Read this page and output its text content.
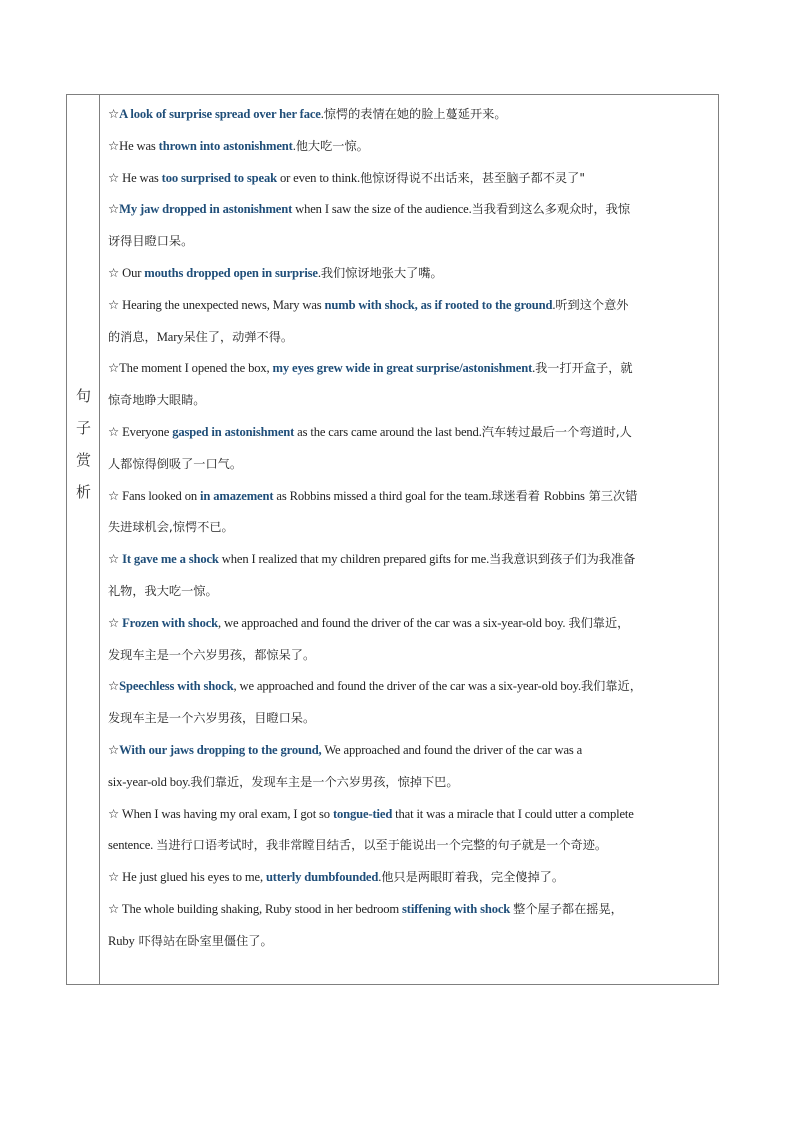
句
子
赏
析
☆A look of surprise spread over her face.惊愕的表情在她的脸上蔓延开来。
☆He was thrown into astonishment.他大吃一惊。
☆ He was too surprised to speak or even to think.他惊讶得说不出话来，甚至脑子都不灵了"
☆My jaw dropped in astonishment when I saw the size of the audience.当我看到这么多观众时，我惊
讶得目瞪口呆。
☆ Our mouths dropped open in surprise.我们惊讶地张大了嘴。
☆ Hearing the unexpected news, Mary was numb with shock, as if rooted to the ground.听到这个意外
的消息，Mary呆住了，动弹不得。
☆The moment I opened the box, my eyes grew wide in great surprise/astonishment.我一打开盒子，就
惊奇地睁大眼睛。
☆ Everyone gasped in astonishment as the cars came around the last bend.汽车转过最后一个弯道时,人
人都惊得倒吸了一口气。
☆ Fans looked on in amazement as Robbins missed a third goal for the team.球迷看着 Robbins 第三次错
失进球机会,惊愕不已。
☆ It gave me a shock when I realized that my children prepared gifts for me.当我意识到孩子们为我准备
礼物，我大吃一惊。
☆ Frozen with shock, we approached and found the driver of the car was a six-year-old boy. 我们靠近，
发现车主是一个六岁男孩，都惊呆了。
☆Speechless with shock, we approached and found the driver of the car was a six-year-old boy.我们靠近，
发现车主是一个六岁男孩，目瞪口呆。
☆With our jaws dropping to the ground, We approached and found the driver of the car was a
six-year-old boy.我们靠近，发现车主是一个六岁男孩，惊掉下巴。
☆ When I was having my oral exam, I got so tongue-tied that it was a miracle that I could utter a complete
sentence. 当进行口语考试时，我非常瞠目结舌，以至于能说出一个完整的句子就是一个奇迹。
☆ He just glued his eyes to me, utterly dumbfounded.他只是两眼盯着我，完全傻掉了。
☆ The whole building shaking, Ruby stood in her bedroom stiffening with shock 整个屋子都在摇晃，
Ruby 吓得站在卧室里僵住了。
